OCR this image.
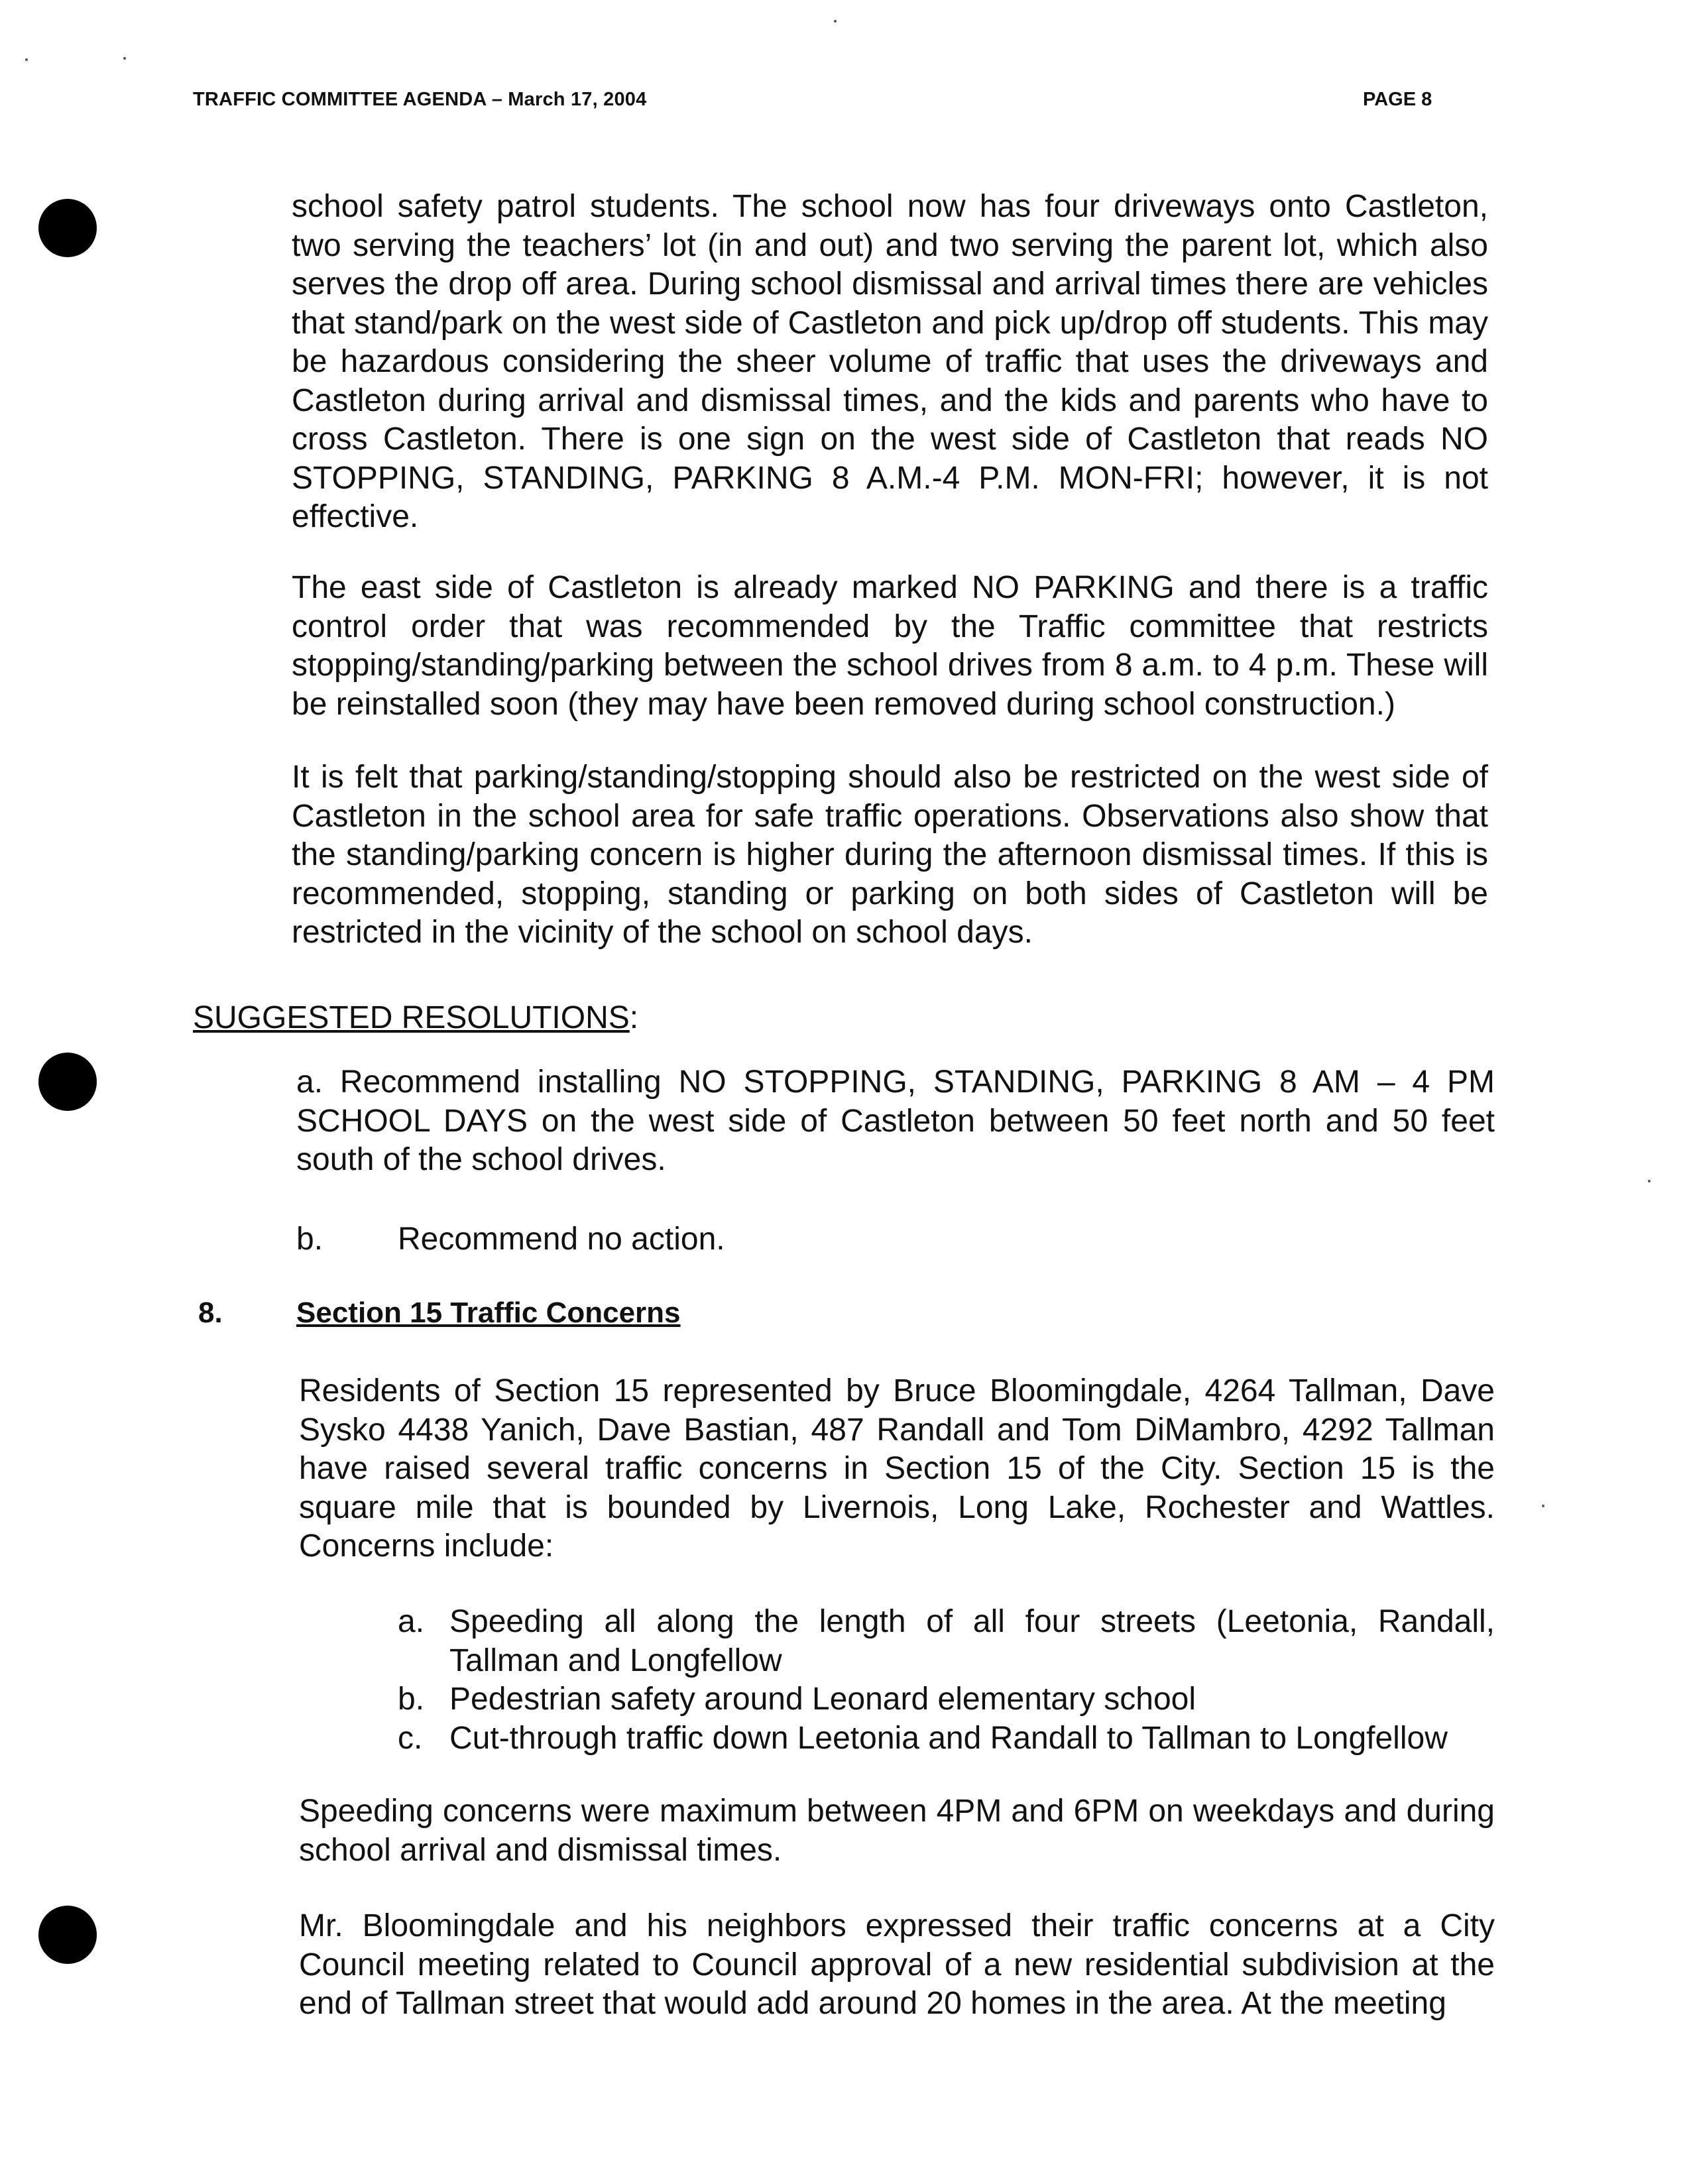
TRAFFIC COMMITTEE AGENDA – March 17, 2004	PAGE 8

school safety patrol students. The school now has four driveways onto Castleton, two serving the teachers’ lot (in and out) and two serving the parent lot, which also serves the drop off area. During school dismissal and arrival times there are vehicles that stand/park on the west side of Castleton and pick up/drop off students. This may be hazardous considering the sheer volume of traffic that uses the driveways and Castleton during arrival and dismissal times, and the kids and parents who have to cross Castleton. There is one sign on the west side of Castleton that reads NO STOPPING, STANDING, PARKING 8 A.M.-4 P.M. MON-FRI; however, it is not effective.

The east side of Castleton is already marked NO PARKING and there is a traffic control order that was recommended by the Traffic committee that restricts stopping/standing/parking between the school drives from 8 a.m. to 4 p.m. These will be reinstalled soon (they may have been removed during school construction.)

It is felt that parking/standing/stopping should also be restricted on the west side of Castleton in the school area for safe traffic operations. Observations also show that the standing/parking concern is higher during the afternoon dismissal times. If this is recommended, stopping, standing or parking on both sides of Castleton will be restricted in the vicinity of the school on school days.

SUGGESTED RESOLUTIONS:

a. Recommend installing NO STOPPING, STANDING, PARKING 8 AM – 4 PM SCHOOL DAYS on the west side of Castleton between 50 feet north and 50 feet south of the school drives.

b. Recommend no action.
8.	Section 15 Traffic Concerns

Residents of Section 15 represented by Bruce Bloomingdale, 4264 Tallman, Dave Sysko 4438 Yanich, Dave Bastian, 487 Randall and Tom DiMambro, 4292 Tallman have raised several traffic concerns in Section 15 of the City. Section 15 is the square mile that is bounded by Livernois, Long Lake, Rochester and Wattles. Concerns include:

a. Speeding all along the length of all four streets (Leetonia, Randall, Tallman and Longfellow
b. Pedestrian safety around Leonard elementary school
c. Cut-through traffic down Leetonia and Randall to Tallman to Longfellow

Speeding concerns were maximum between 4PM and 6PM on weekdays and during school arrival and dismissal times.

Mr. Bloomingdale and his neighbors expressed their traffic concerns at a City Council meeting related to Council approval of a new residential subdivision at the end of Tallman street that would add around 20 homes in the area. At the meeting
